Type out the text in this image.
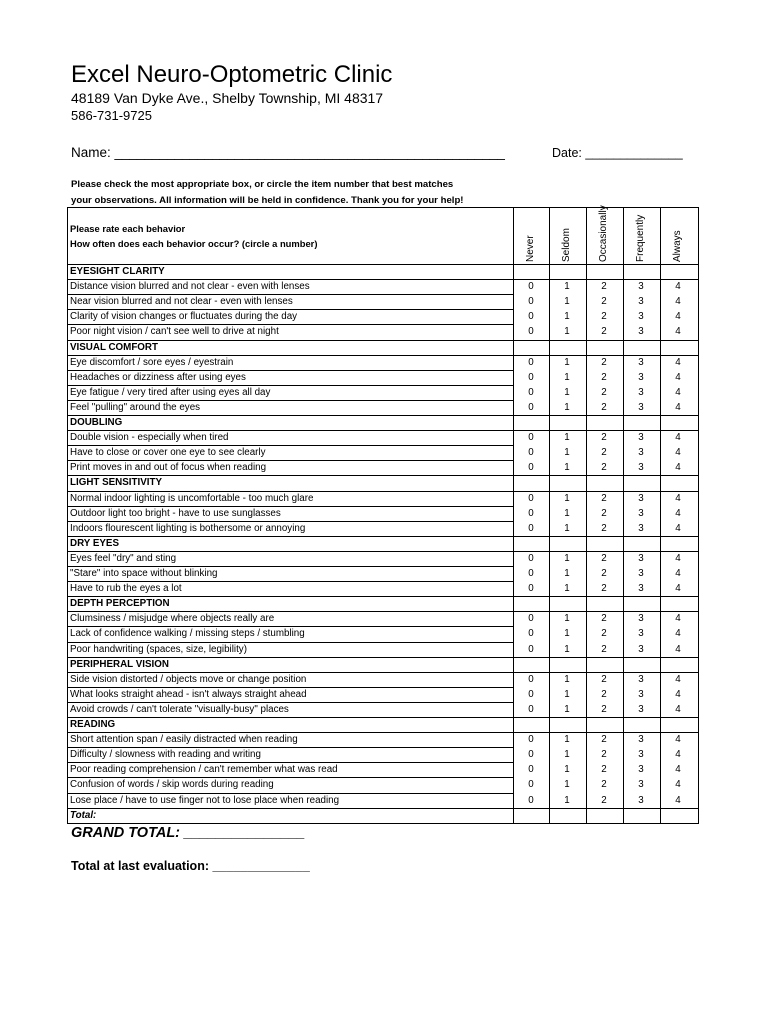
Excel Neuro-Optometric Clinic
48189 Van Dyke Ave., Shelby Township, MI 48317
586-731-9725
Name: ____________________________________________________	Date: ______________
Please check the most appropriate box, or circle the item number that best matches
your observations. All information will be held in confidence. Thank you for your help!
Please rate each behavior
How often does each behavior occur? (circle a number)	Never	Seldom	Occasionally	Frequently	Always
EYESIGHT CLARITY
Distance vision blurred and not clear - even with lenses	0	1	2	3	4
Near vision blurred and not clear - even with lenses	0	1	2	3	4
Clarity of vision changes or fluctuates during the day	0	1	2	3	4
Poor night vision / can't see well to drive at night	0	1	2	3	4
VISUAL COMFORT
Eye discomfort / sore eyes / eyestrain	0	1	2	3	4
Headaches or dizziness after using eyes	0	1	2	3	4
Eye fatigue / very tired after using eyes all day	0	1	2	3	4
Feel "pulling" around the eyes	0	1	2	3	4
DOUBLING
Double vision - especially when tired	0	1	2	3	4
Have to close or cover one eye to see clearly	0	1	2	3	4
Print moves in and out of focus when reading	0	1	2	3	4
LIGHT SENSITIVITY
Normal indoor lighting is uncomfortable - too much glare	0	1	2	3	4
Outdoor light too bright - have to use sunglasses	0	1	2	3	4
Indoors flourescent lighting is bothersome or annoying	0	1	2	3	4
DRY EYES
Eyes feel "dry" and sting	0	1	2	3	4
"Stare" into space without blinking	0	1	2	3	4
Have to rub the eyes a lot	0	1	2	3	4
DEPTH PERCEPTION
Clumsiness / misjudge where objects really are	0	1	2	3	4
Lack of confidence walking / missing steps / stumbling	0	1	2	3	4
Poor handwriting (spaces, size, legibility)	0	1	2	3	4
PERIPHERAL VISION
Side vision distorted / objects move or change position	0	1	2	3	4
What looks straight ahead - isn't always straight ahead	0	1	2	3	4
Avoid crowds / can't tolerate "visually-busy" places	0	1	2	3	4
READING
Short attention span / easily distracted when reading	0	1	2	3	4
Difficulty / slowness with reading and writing	0	1	2	3	4
Poor reading comprehension / can't remember what was read	0	1	2	3	4
Confusion of words / skip words during reading	0	1	2	3	4
Lose place / have to use finger not to lose place when reading	0	1	2	3	4
Total:
GRAND TOTAL: _______________
Total at last evaluation: ______________
